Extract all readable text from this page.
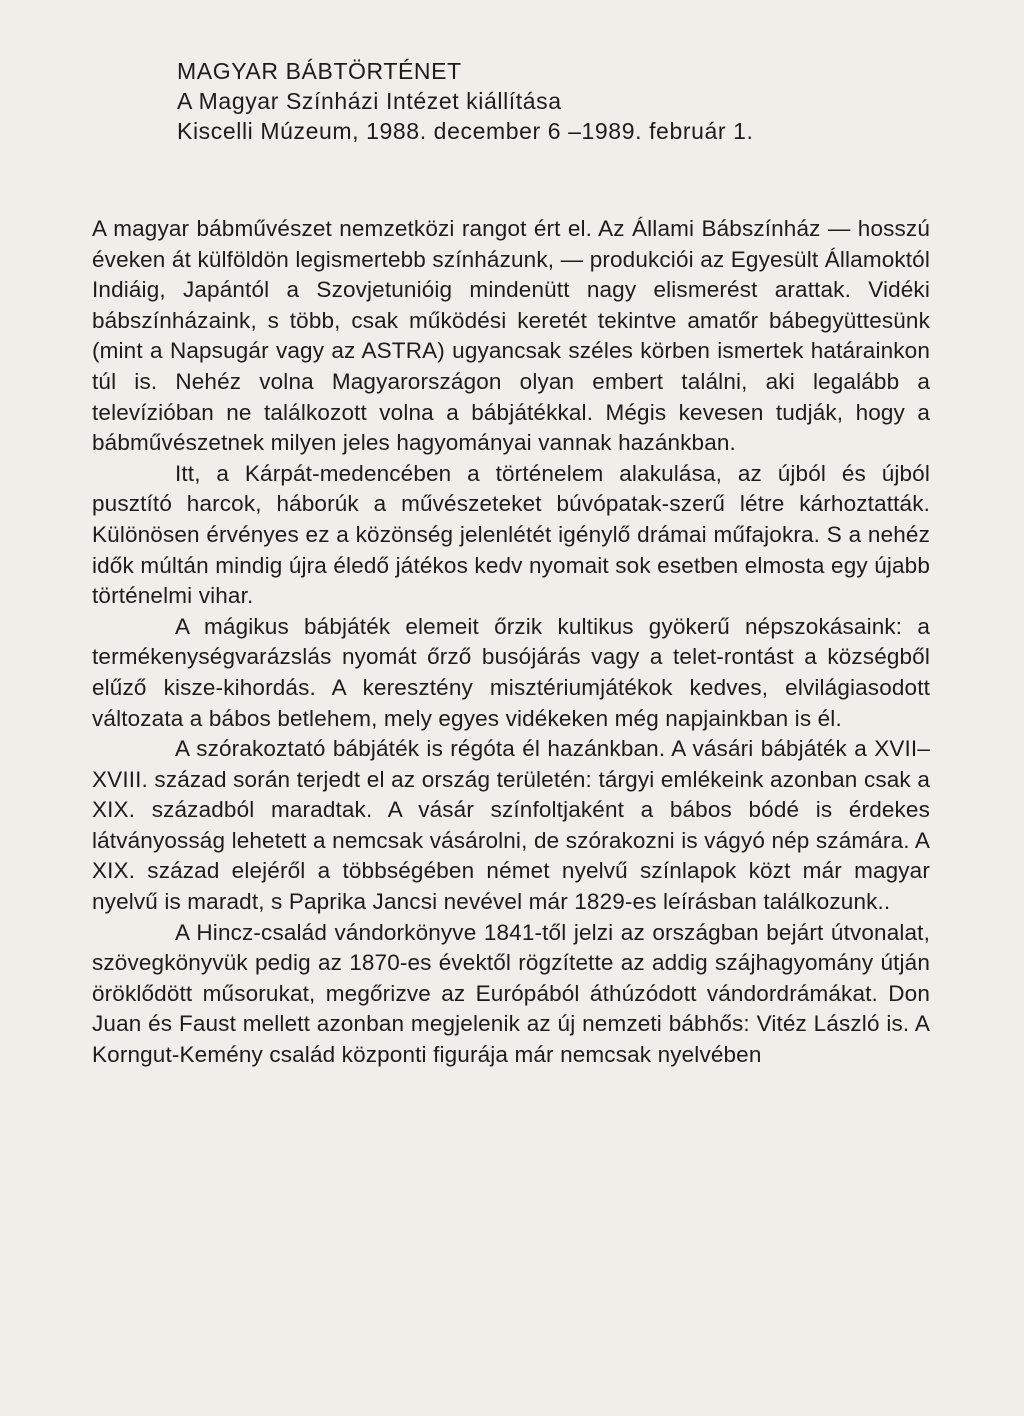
MAGYAR BÁBTÖRTÉNET
A Magyar Színházi Intézet kiállítása
Kiscelli Múzeum, 1988. december 6 –1989. február 1.

A magyar bábművészet nemzetközi rangot ért el. Az Állami Bábszínház — hosszú éveken át külföldön legismertebb színházunk, — produkciói az Egyesült Államoktól Indiáig, Japántól a Szovjetunióig mindenütt nagy elismerést arattak. Vidéki bábszínházaink, s több, csak működési keretét tekintve amatőr bábegyüttesünk (mint a Napsugár vagy az ASTRA) ugyancsak széles körben ismertek határainkon túl is. Nehéz volna Magyarországon olyan embert találni, aki legalább a televízióban ne találkozott volna a bábjátékkal. Mégis kevesen tudják, hogy a bábművészetnek milyen jeles hagyományai vannak hazánkban.

Itt, a Kárpát-medencében a történelem alakulása, az újból és újból pusztító harcok, háborúk a művészeteket búvópatak-szerű létre kárhoztatták. Különösen érvényes ez a közönség jelenlétét igénylő drámai műfajokra. S a nehéz idők múltán mindig újra éledő játékos kedv nyomait sok esetben elmosta egy újabb történelmi vihar.

A mágikus bábjáték elemeit őrzik kultikus gyökerű népszokásaink: a termékenységvarázslás nyomát őrző busójárás vagy a telet-rontást a községből elűző kisze-kihordás. A keresztény misztériumjátékok kedves, elvilágiasodott változata a bábos betlehem, mely egyes vidékeken még napjainkban is él.

A szórakoztató bábjáték is régóta él hazánkban. A vásári bábjáték a XVII–XVIII. század során terjedt el az ország területén: tárgyi emlékeink azonban csak a XIX. századból maradtak. A vásár színfoltjaként a bábos bódé is érdekes látványosság lehetett a nemcsak vásárolni, de szórakozni is vágyó nép számára. A XIX. század elejéről a többségében német nyelvű színlapok közt már magyar nyelvű is maradt, s Paprika Jancsi nevével már 1829-es leírásban találkozunk..

A Hincz-család vándorkönyve 1841-től jelzi az országban bejárt útvonalat, szövegkönyvük pedig az 1870-es évektől rögzítette az addig szájhagyomány útján öröklődött műsorukat, megőrizve az Európából áthúzódott vándordrámákat. Don Juan és Faust mellett azonban megjelenik az új nemzeti bábhős: Vitéz László is. A Korngut-Kemény család központi figurája már nemcsak nyelvében
